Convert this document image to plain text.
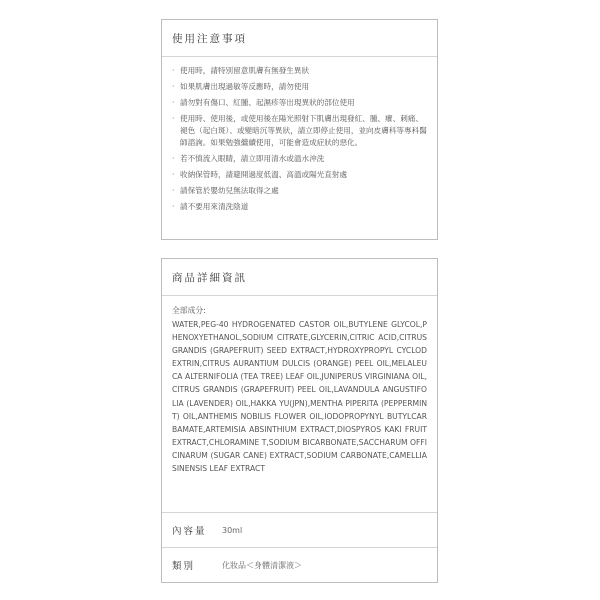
使用注意事項
· 使用時，請特別留意肌膚有無發生異狀
· 如果肌膚出現過敏等反應時，請勿使用
· 請勿對有傷口、紅腫、起濕疹等出現異狀的部位使用
· 使用時、使用後，或使用後在陽光照射下肌膚出現發紅、腫、癢、刺痛、褪色（起白斑）、或變暗沉等異狀，請立即停止使用，並向皮膚科等專科醫師諮詢。如果勉強繼續使用，可能會造成症狀的惡化。
· 若不慎流入眼睛，請立即用清水或溫水沖洗
· 收納保管時，請避開過度低溫、高溫或陽光直射處
· 請保管於嬰幼兒無法取得之處
· 請不要用來清洗陰道
商品詳細資訊
全部成分:
WATER,PEG-40 HYDROGENATED CASTOR OIL,BUTYLENE GLYCOL,PHENOXYETHANOL,SODIUM CITRATE,GLYCERIN,CITRIC ACID,CITRUS GRANDIS (GRAPEFRUIT) SEED EXTRACT,HYDROXYPROPYL CYCLODEXTRIN,CITRUS AURANTIUM DULCIS (ORANGE) PEEL OIL,MELALEUCA ALTERNIFOLIA (TEA TREE) LEAF OIL,JUNIPERUS VIRGINIANA OIL,CITRUS GRANDIS (GRAPEFRUIT) PEEL OIL,LAVANDULA ANGUSTIFOLIA (LAVENDER) OIL,HAKKA YU(JPN),MENTHA PIPERITA (PEPPERMINT) OIL,ANTHEMIS NOBILIS FLOWER OIL,IODOPROPYNYL BUTYLCARBAMATE,ARTEMISIA ABSINTHIUM EXTRACT,DIOSPYROS KAKI FRUIT EXTRACT,CHLORAMINE T,SODIUM BICARBONATE,SACCHARUM OFFICINARUM (SUGAR CANE) EXTRACT,SODIUM CARBONATE,CAMELLIA SINENSIS LEAF EXTRACT
內容量	30ml
類別	化妝品＜身體清潔液＞
